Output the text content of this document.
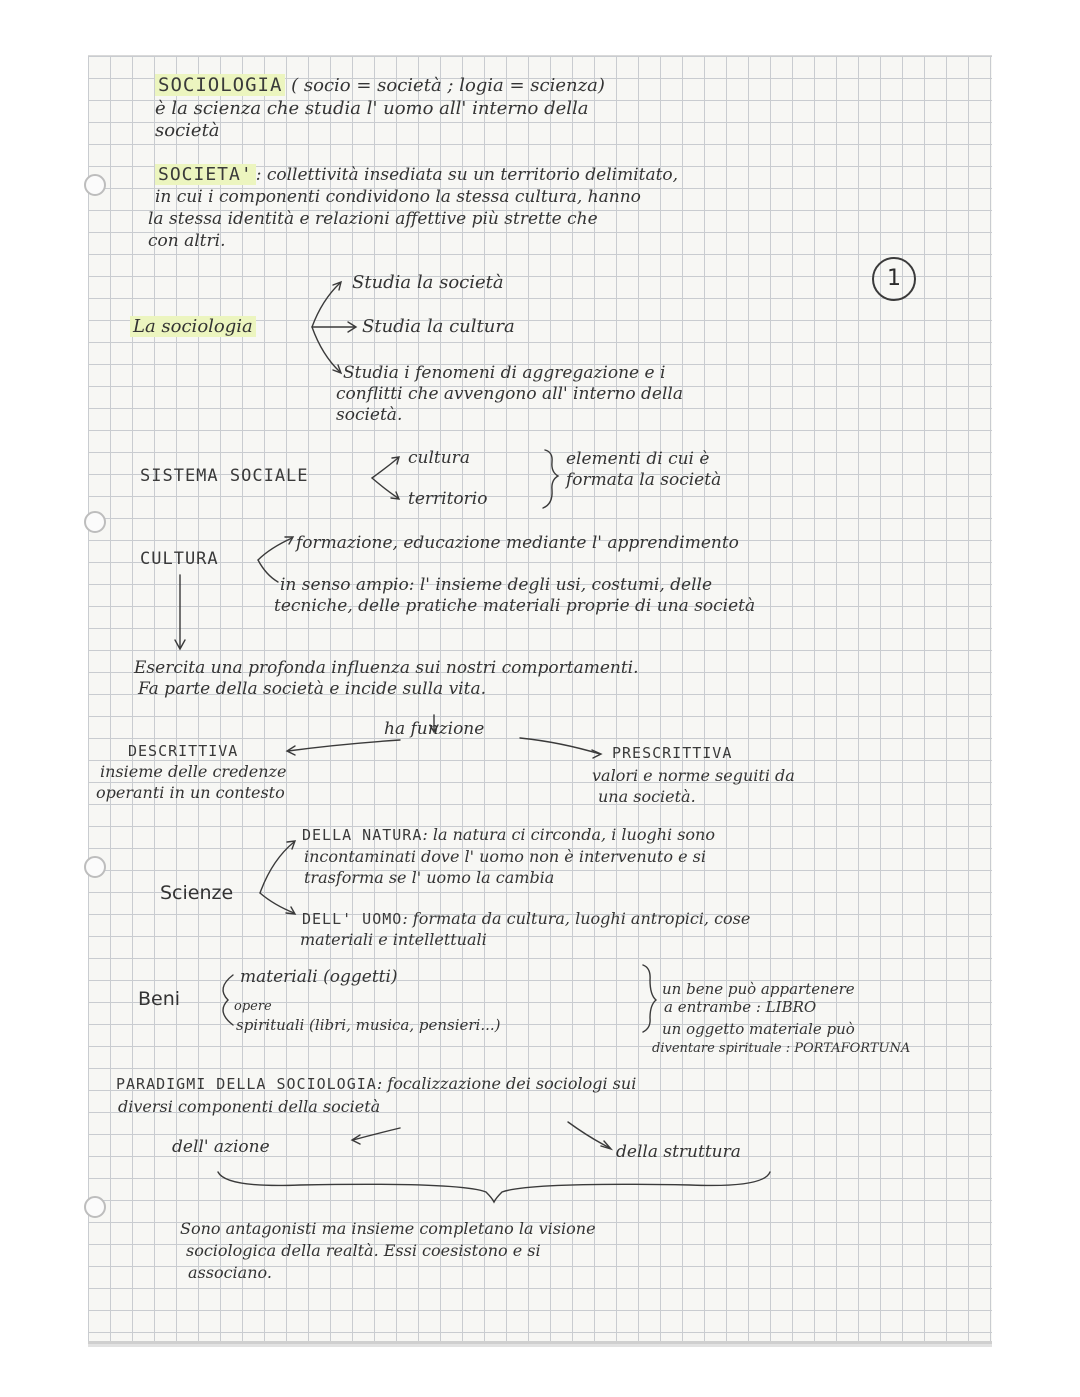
1
SOCIOLOGIA ( socio = società ; logia = scienza)
è la scienza che studia l' uomo all' interno della
società
SOCIETA' : collettività insediata su un territorio delimitato,
in cui i componenti condividono la stessa cultura, hanno
la stessa identità e relazioni affettive più strette che
con altri.
La sociologia
Studia la società
Studia la cultura
Studia i fenomeni di aggregazione e i
conflitti che avvengono all' interno della
società.
SISTEMA SOCIALE
cultura
territorio
elementi di cui è
formata la società
CULTURA
formazione, educazione mediante l' apprendimento
in senso ampio: l' insieme degli usi, costumi, delle
tecniche, delle pratiche materiali proprie di una società
Esercita una profonda influenza sui nostri comportamenti.
Fa parte della società e incide sulla vita.
ha funzione
DESCRITTIVA
insieme delle credenze
operanti in un contesto
PRESCRITTIVA
valori e norme seguiti da
una società.
Scienze
DELLA NATURA: la natura ci circonda, i luoghi sono
incontaminati dove l' uomo non è intervenuto e si
trasforma se l' uomo la cambia
DELL' UOMO: formata da cultura, luoghi antropici, cose
materiali e intellettuali
Beni
materiali (oggetti)
opere
spirituali (libri, musica, pensieri...)
un bene può appartenere
a entrambe : LIBRO
un oggetto materiale può
diventare spirituale : PORTAFORTUNA
PARADIGMI DELLA SOCIOLOGIA: focalizzazione dei sociologi sui
diversi componenti della società
dell' azione	della struttura
Sono antagonisti ma insieme completano la visione
sociologica della realtà. Essi coesistono e si
associano.
